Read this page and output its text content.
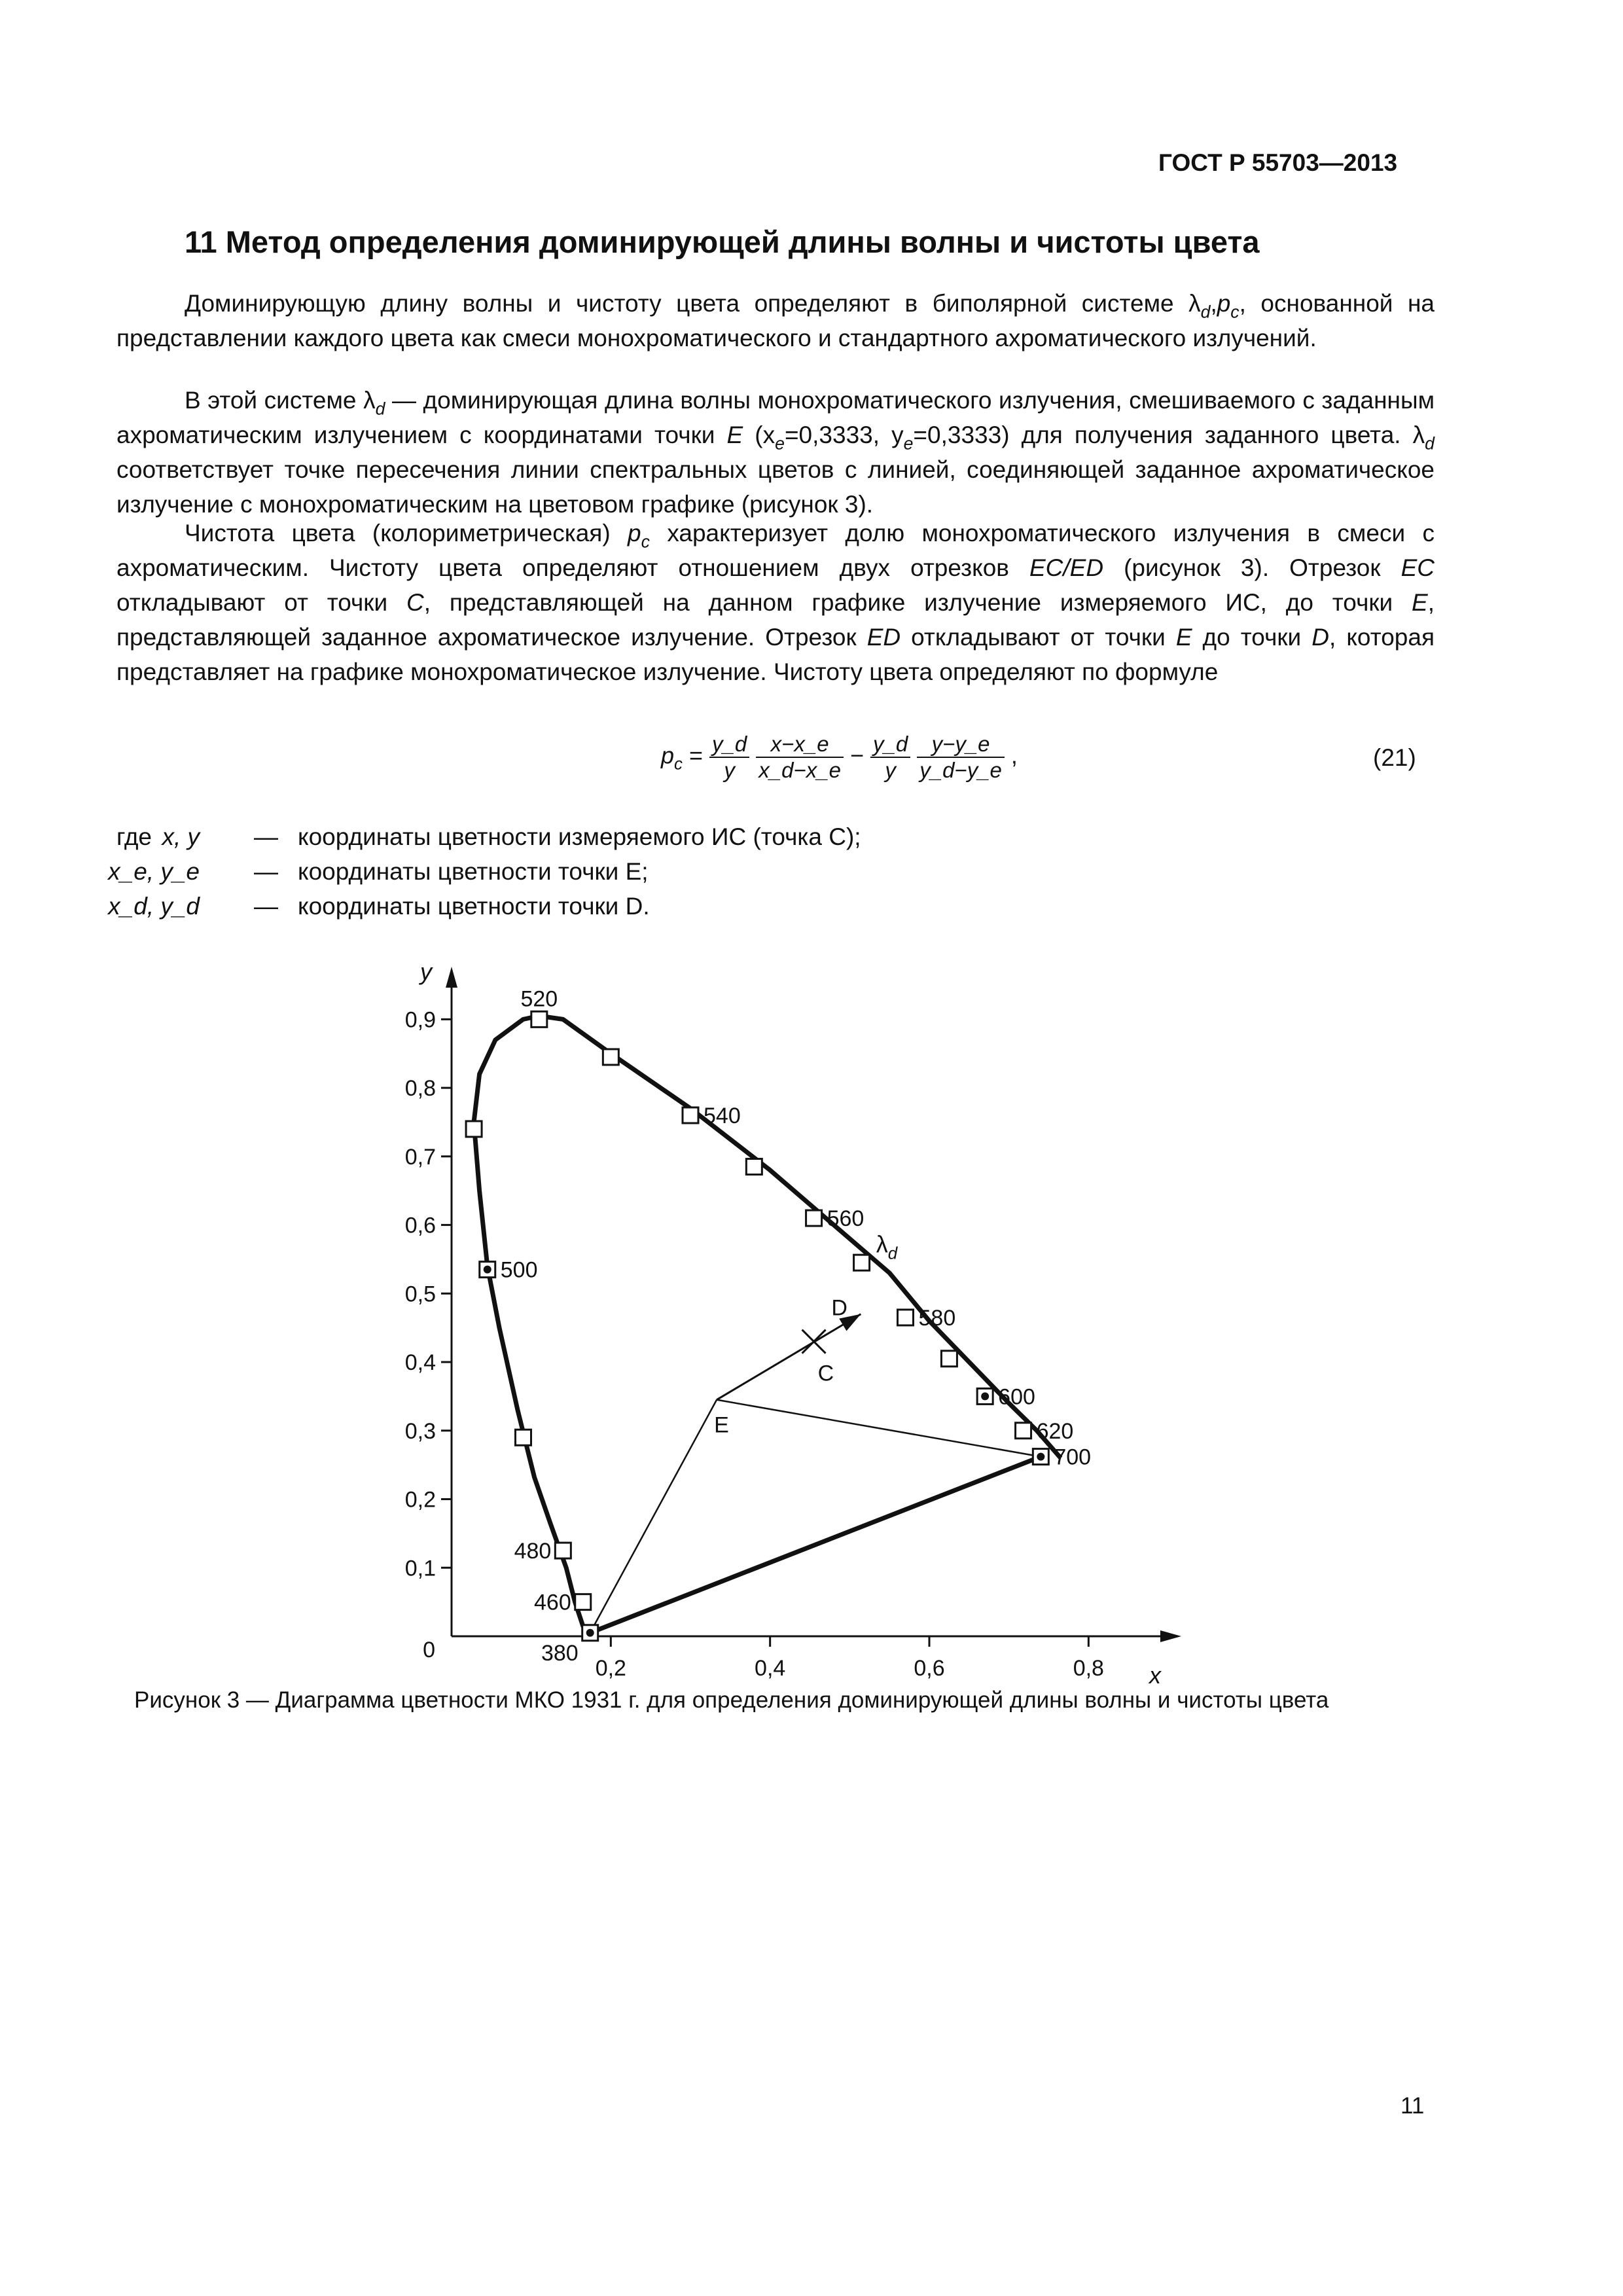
ГОСТ Р 55703—2013
11 Метод определения доминирующей длины волны и чистоты цвета
Доминирующую длину волны и чистоту цвета определяют в биполярной системе $\lambda_d,p_c$, основанной на представлении каждого цвета как смеси монохроматического и стандартного ахроматического излучений.
В этой системе $\lambda_d$ — доминирующая длина волны монохроматического излучения, смешиваемого с заданным ахроматическим излучением с координатами точки E ($x_e=0,3333$, $y_e=0,3333$) для получения заданного цвета. $\lambda_d$ соответствует точке пересечения линии спектральных цветов с линией, соединяющей заданное ахроматическое излучение с монохроматическим на цветовом графике (рисунок 3).
Чистота цвета (колориметрическая) $p_c$ характеризует долю монохроматического излучения в смеси с ахроматическим. Чистоту цвета определяют отношением двух отрезков EC/ED (рисунок 3). Отрезок EC откладывают от точки C, представляющей на данном графике излучение измеряемого ИС, до точки E, представляющей заданное ахроматическое излучение. Отрезок ED откладывают от точки E до точки D, которая представляет на графике монохроматическое излучение. Чистоту цвета определяют по формуле
$p_c = \frac{y\_d}{y}$
$\frac{x-x\_e}{x\_d-x\_e} - \frac{y\_d}{y}$
$\frac{y-y\_e}{y\_d-y\_e}$ ,	(21)
где x, y — координаты цветности измеряемого ИС (точка C);
x_e, y_e — координаты цветности точки E;
x_d, y_d — координаты цветности точки D.
y
x
0
0,2	0,4	0,6	0,8
0,1
0,2
0,3
0,4
0,5
0,6
0,7
0,8
0,9
380
460
480
500
520
540
560
580
600
620
700
E
D
C
$\lambda_d$
Рисунок 3 — Диаграмма цветности МКО 1931 г. для определения доминирующей длины волны и чистоты цвета
11
